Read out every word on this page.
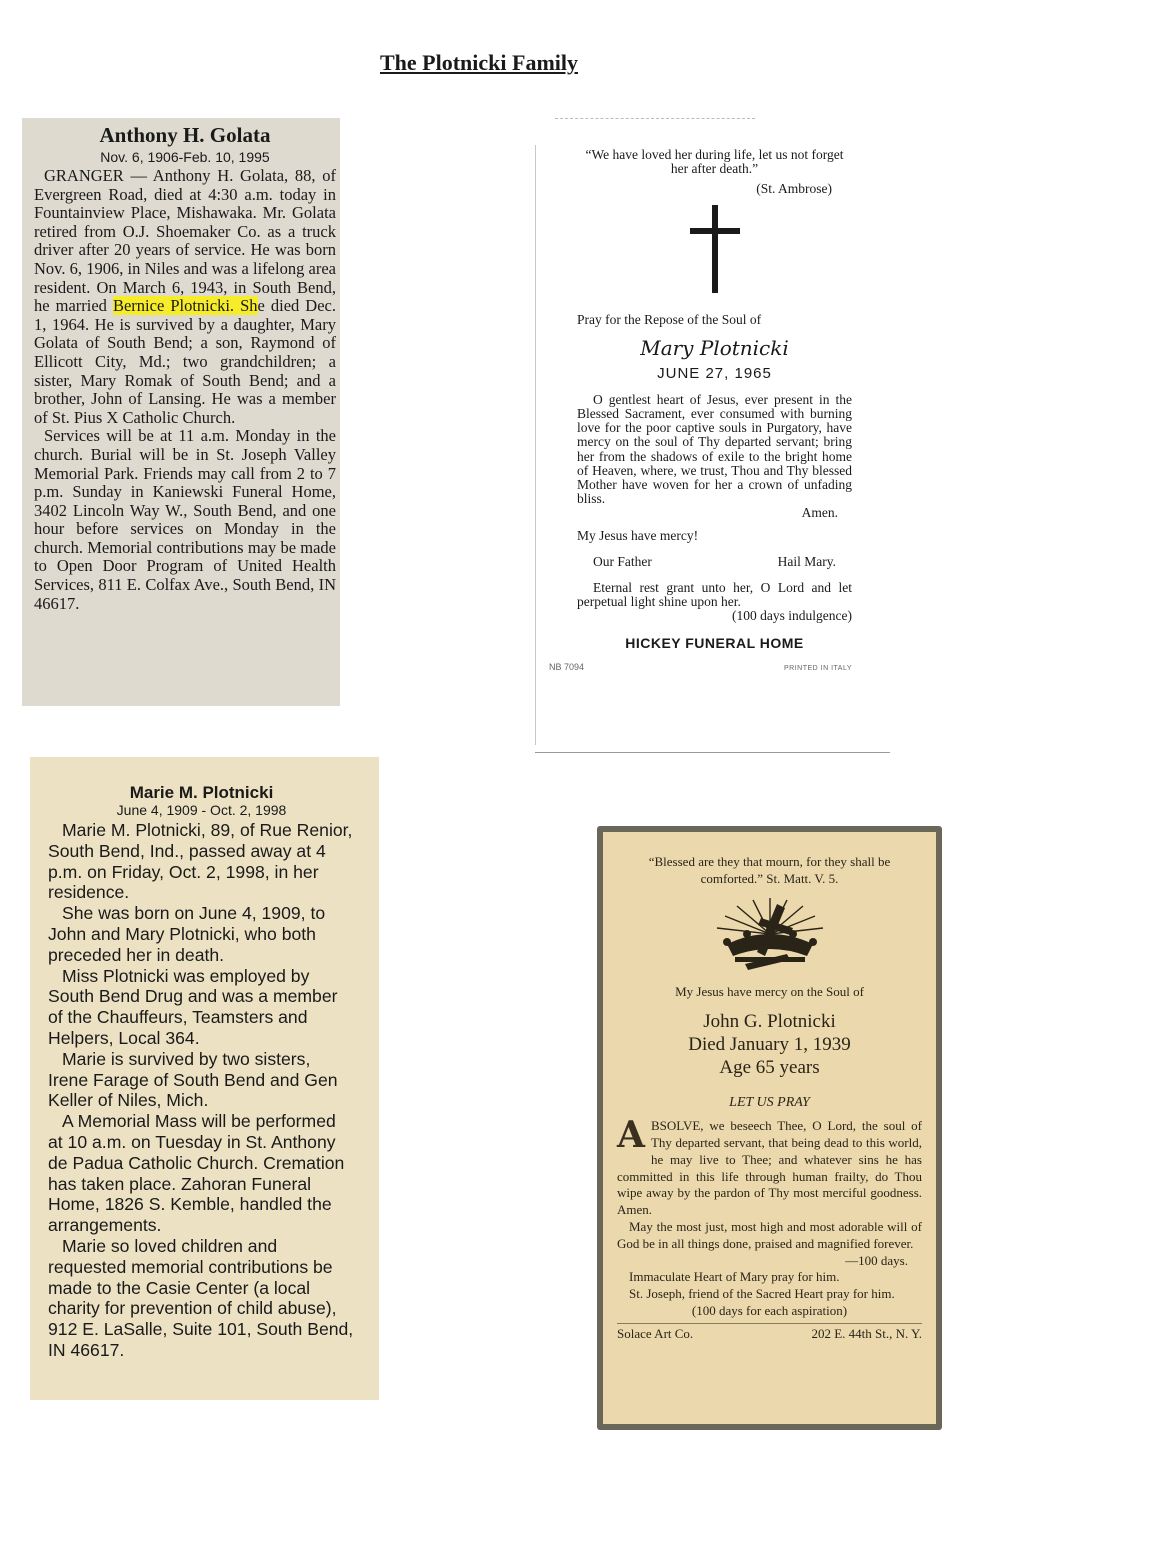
The Plotnicki Family
Anthony H. Golata
Nov. 6, 1906-Feb. 10, 1995

GRANGER — Anthony H. Golata, 88, of Evergreen Road, died at 4:30 a.m. today in Fountainview Place, Mishawaka. Mr. Golata retired from O.J. Shoemaker Co. as a truck driver after 20 years of service. He was born Nov. 6, 1906, in Niles and was a lifelong area resident. On March 6, 1943, in South Bend, he married Bernice Plotnicki. She died Dec. 1, 1964. He is survived by a daughter, Mary Golata of South Bend; a son, Raymond of Ellicott City, Md.; two grandchildren; a sister, Mary Romak of South Bend; and a brother, John of Lansing. He was a member of St. Pius X Catholic Church.

Services will be at 11 a.m. Monday in the church. Burial will be in St. Joseph Valley Memorial Park. Friends may call from 2 to 7 p.m. Sunday in Kaniewski Funeral Home, 3402 Lincoln Way W., South Bend, and one hour before services on Monday in the church. Memorial contributions may be made to Open Door Program of United Health Services, 811 E. Colfax Ave., South Bend, IN 46617.

Marie M. Plotnicki
June 4, 1909 - Oct. 2, 1998

Marie M. Plotnicki, 89, of Rue Renior, South Bend, Ind., passed away at 4 p.m. on Friday, Oct. 2, 1998, in her residence.

She was born on June 4, 1909, to John and Mary Plotnicki, who both preceded her in death.

Miss Plotnicki was employed by South Bend Drug and was a member of the Chauffeurs, Teamsters and Helpers, Local 364.

Marie is survived by two sisters, Irene Farage of South Bend and Gen Keller of Niles, Mich.

A Memorial Mass will be performed at 10 a.m. on Tuesday in St. Anthony de Padua Catholic Church. Cremation has taken place. Zahoran Funeral Home, 1826 S. Kemble, handled the arrangements.

Marie so loved children and requested memorial contributions be made to the Casie Center (a local charity for prevention of child abuse), 912 E. LaSalle, Suite 101, South Bend, IN 46617.

“We have loved her during life, let us not forget her after death.”
(St. Ambrose)
Pray for the Repose of the Soul of
Mary Plotnicki
JUNE 27, 1965

O gentlest heart of Jesus, ever present in the Blessed Sacrament, ever consumed with burning love for the poor captive souls in Purgatory, have mercy on the soul of Thy departed servant; bring her from the shadows of exile to the bright home of Heaven, where, we trust, Thou and Thy blessed Mother have woven for her a crown of unfading bliss.

Amen.
My Jesus have mercy!
Our Father	Hail Mary.

Eternal rest grant unto her, O Lord and let perpetual light shine upon her.

(100 days indulgence)
HICKEY FUNERAL HOME
NB 7094	PRINTED IN ITALY
“Blessed are they that mourn, for they shall be comforted.” St. Matt. V. 5.
My Jesus have mercy on the Soul of
John G. Plotnicki
Died January 1, 1939
Age 65 years
LET US PRAY

ABSOLVE, we beseech Thee, O Lord, the soul of Thy departed servant, that being dead to this world, he may live to Thee; and whatever sins he has committed in this life through human frailty, do Thou wipe away by the pardon of Thy most merciful goodness. Amen.

May the most just, most high and most adorable will of God be in all things done, praised and magnified forever.

—100 days.

Immaculate Heart of Mary pray for him.

St. Joseph, friend of the Sacred Heart pray for him.

(100 days for each aspiration)
Solace Art Co.	202 E. 44th St., N. Y.
